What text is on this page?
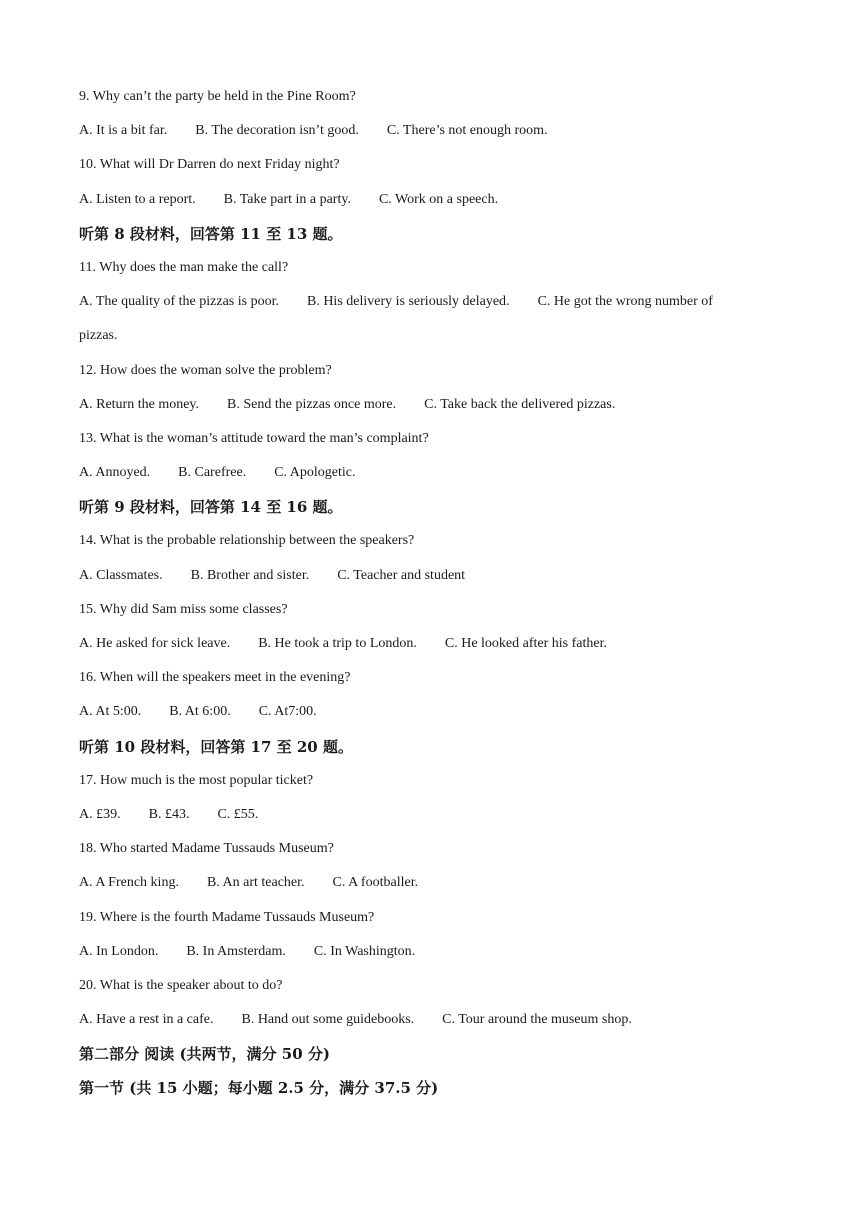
9. Why can’t the party be held in the Pine Room?
A. It is a bit far. B. The decoration isn’t good. C. There’s not enough room.
10. What will Dr Darren do next Friday night?
A. Listen to a report. B. Take part in a party. C. Work on a speech.
听第 8 段材料，回答第 11 至 13 题。
11. Why does the man make the call?
A. The quality of the pizzas is poor. B. His delivery is seriously delayed. C. He got the wrong number of
pizzas.
12. How does the woman solve the problem?
A. Return the money. B. Send the pizzas once more. C. Take back the delivered pizzas.
13. What is the woman’s attitude toward the man’s complaint?
A. Annoyed. B. Carefree. C. Apologetic.
听第 9 段材料，回答第 14 至 16 题。
14. What is the probable relationship between the speakers?
A. Classmates. B. Brother and sister. C. Teacher and student
15. Why did Sam miss some classes?
A. He asked for sick leave. B. He took a trip to London. C. He looked after his father.
16. When will the speakers meet in the evening?
A. At 5:00. B. At 6:00. C. At7:00.
听第 10 段材料，回答第 17 至 20 题。
17. How much is the most popular ticket?
A. £39. B. £43. C. £55.
18. Who started Madame Tussauds Museum?
A. A French king. B. An art teacher. C. A footballer.
19. Where is the fourth Madame Tussauds Museum?
A. In London. B. In Amsterdam. C. In Washington.
20. What is the speaker about to do?
A. Have a rest in a cafe. B. Hand out some guidebooks. C. Tour around the museum shop.
第二部分 阅读 (共两节，满分 50 分)
第一节 (共 15 小题；每小题 2.5 分，满分 37.5 分)
